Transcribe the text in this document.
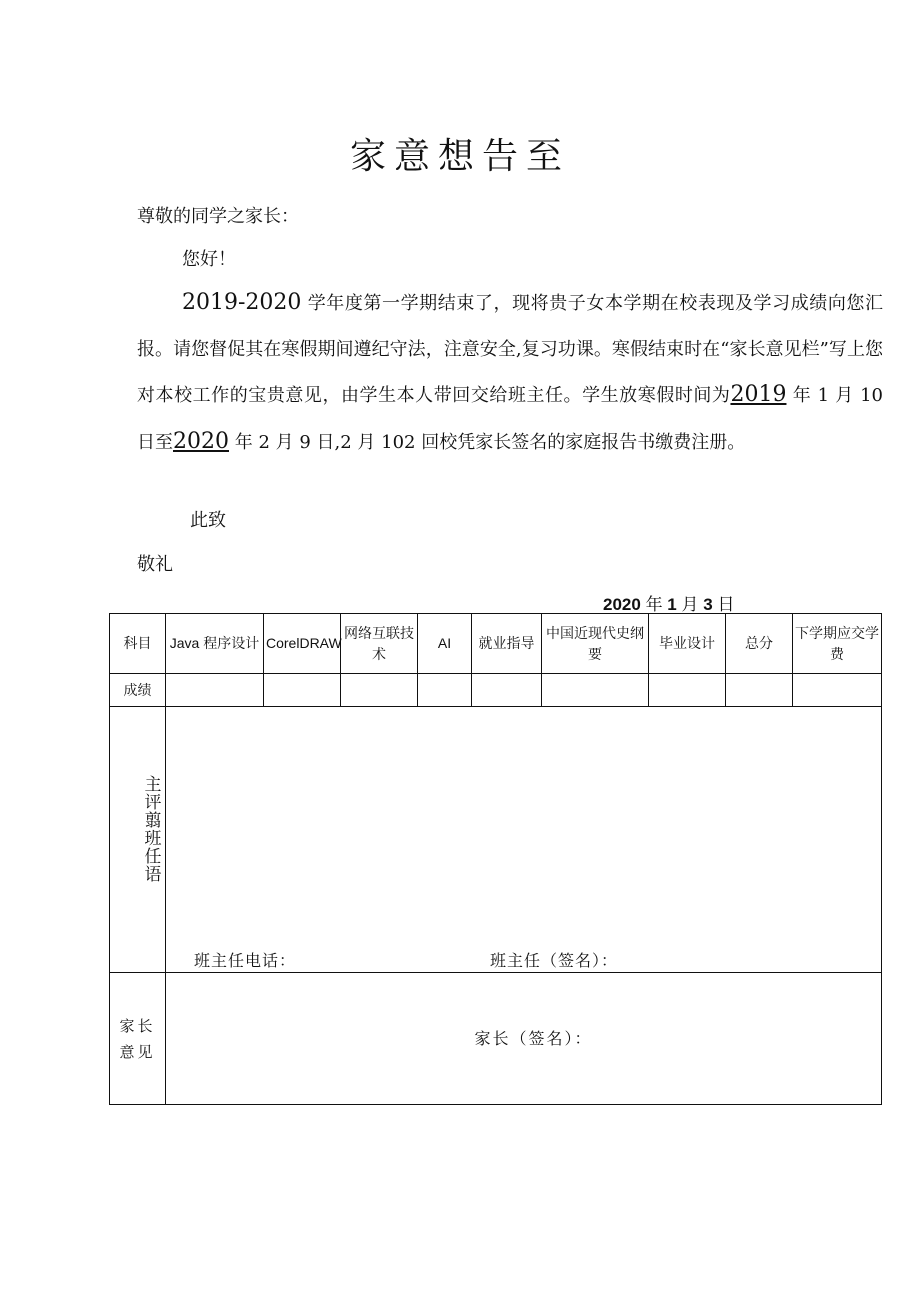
家意想告至
尊敬的同学之家长：
您好！
2019-2020 学年度第一学期结束了，现将贵子女本学期在校表现及学习成绩向您汇报。请您督促其在寒假期间遵纪守法，注意安全,复习功课。寒假结束时在“家长意见栏”写上您对本校工作的宝贵意见，由学生本人带回交给班主任。学生放寒假时间为2019 年 1 月 10 日至2020 年 2 月 9 日,2 月 102 回校凭家长签名的家庭报告书缴费注册。
此致
敬礼
2020 年 1 月 3 日
科目	Java 程序设计	CorelDRAW	网络互联技术	AI	就业指导	中国近现代史纲要	毕业设计	总分	下学期应交学费
成绩									

主评翦班任语	班主任电话： 班主任（签名）：								

家长
意见	家长（签名）：								
